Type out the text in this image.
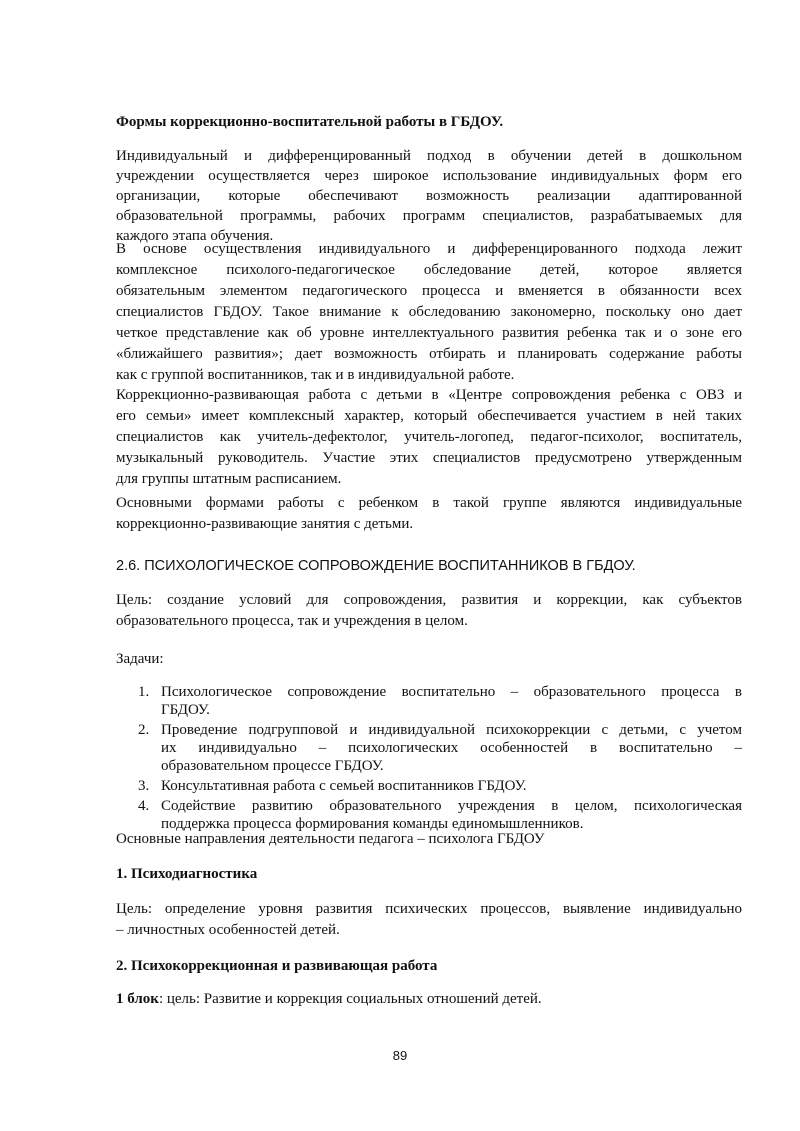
Формы коррекционно-воспитательной работы в ГБДОУ.
Индивидуальный и дифференцированный подход в обучении детей в дошкольном
учреждении осуществляется через широкое использование индивидуальных форм его
организации, которые обеспечивают возможность реализации адаптированной
образовательной программы, рабочих программ специалистов, разрабатываемых для
каждого этапа обучения.
В основе осуществления индивидуального и дифференцированного подхода лежит
комплексное психолого-педагогическое обследование детей, которое является
обязательным элементом педагогического процесса и вменяется в обязанности всех
специалистов ГБДОУ. Такое внимание к обследованию закономерно, поскольку оно дает
четкое представление как об уровне интеллектуального развития ребенка так и о зоне его
«ближайшего развития»; дает возможность отбирать и планировать содержание работы
как с группой воспитанников, так и в индивидуальной работе.
Коррекционно-развивающая работа с детьми в «Центре сопровождения ребенка с ОВЗ и
его семьи» имеет комплексный характер, который обеспечивается участием в ней таких
специалистов как учитель-дефектолог, учитель-логопед, педагог-психолог, воспитатель,
музыкальный руководитель. Участие этих специалистов предусмотрено утвержденным
для группы штатным расписанием.
Основными формами работы с ребенком в такой группе являются индивидуальные
коррекционно-развивающие занятия с детьми.
2.6. ПСИХОЛОГИЧЕСКОЕ СОПРОВОЖДЕНИЕ ВОСПИТАННИКОВ В ГБДОУ.
Цель: создание условий для сопровождения, развития и коррекции, как субъектов
образовательного процесса, так и учреждения в целом.
Задачи:
1. Психологическое сопровождение воспитательно – образовательного процесса в
ГБДОУ.
2. Проведение подгрупповой и индивидуальной психокоррекции с детьми, с учетом
их индивидуально – психологических особенностей в воспитательно –
образовательном процессе ГБДОУ.
3. Консультативная работа с семьей воспитанников ГБДОУ.
4. Содействие развитию образовательного учреждения в целом, психологическая
поддержка процесса формирования команды единомышленников.
Основные направления деятельности педагога – психолога ГБДОУ
1. Психодиагностика
Цель: определение уровня развития психических процессов, выявление индивидуально
– личностных особенностей детей.
2. Психокоррекционная и развивающая работа
1 блок: цель: Развитие и коррекция социальных отношений детей.
89
